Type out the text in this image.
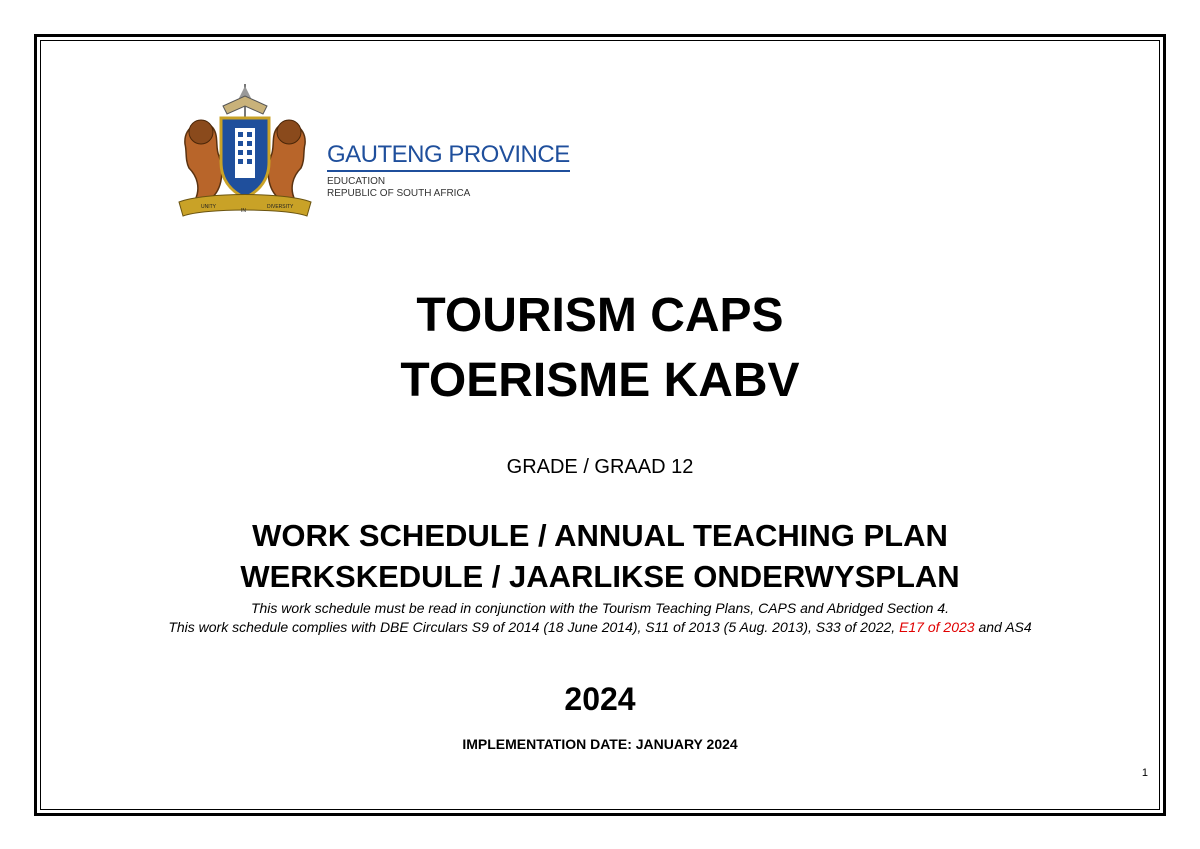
UNITY
IN
DIVERSITY
GAUTENG PROVINCE
EDUCATION
REPUBLIC OF SOUTH AFRICA
TOURISM CAPS
TOERISME KABV
GRADE / GRAAD 12
WORK SCHEDULE / ANNUAL TEACHING PLAN
WERKSKEDULE / JAARLIKSE ONDERWYSPLAN
This work schedule must be read in conjunction with the Tourism Teaching Plans, CAPS and Abridged Section 4.
This work schedule complies with DBE Circulars S9 of 2014 (18 June 2014), S11 of 2013 (5 Aug. 2013), S33 of 2022, E17 of 2023 and AS4
2024
IMPLEMENTATION DATE: JANUARY 2024
1
